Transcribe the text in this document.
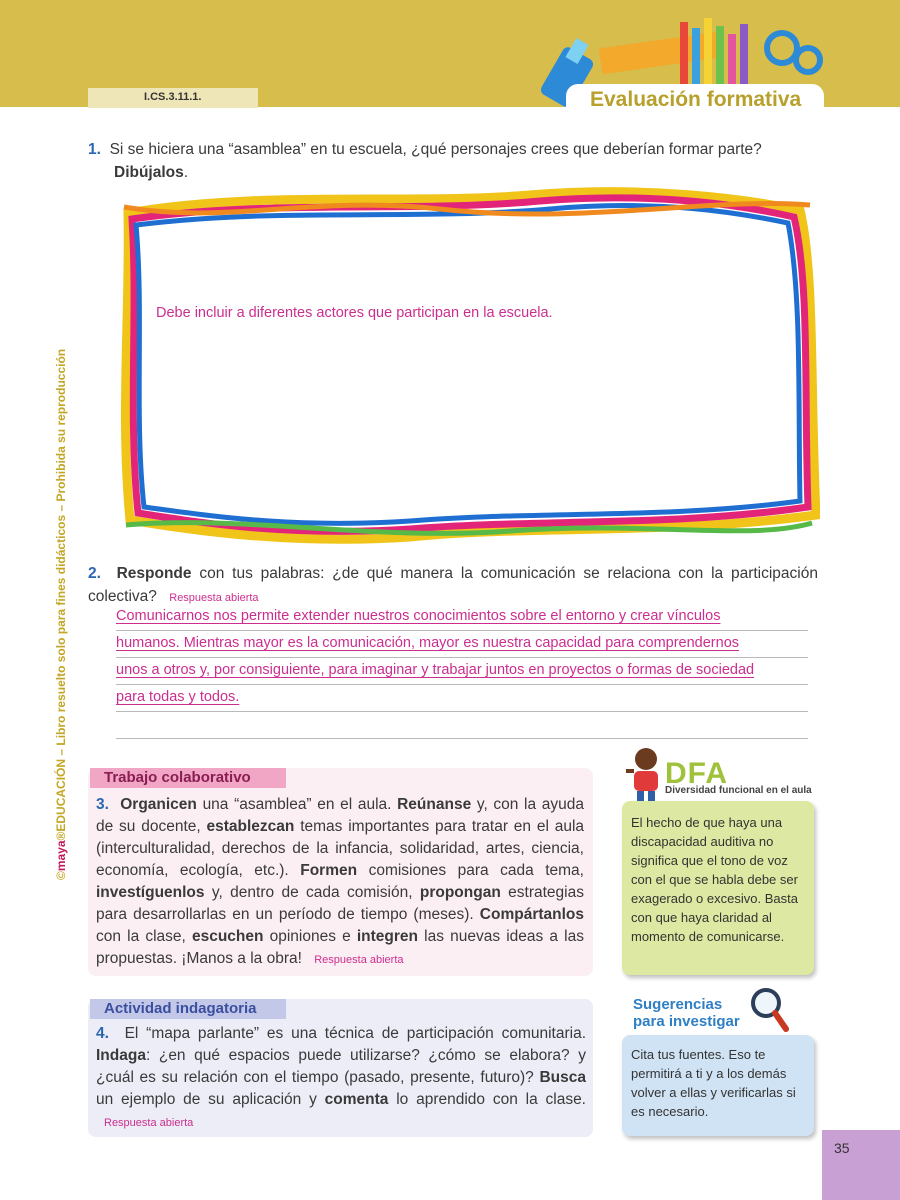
I.CS.3.11.1.	Evaluación formativa
©maya®EDUCACIÓN – Libro resuelto solo para fines didácticos – Prohibida su reproducción
1. Si se hiciera una “asamblea” en tu escuela, ¿qué personajes crees que deberían formar parte?
Dibújalos.
Debe incluir a diferentes actores que participan en la escuela.
2. Responde con tus palabras: ¿de qué manera la comunicación se relaciona con la participación colectiva? Respuesta abierta
Comunicarnos nos permite extender nuestros conocimientos sobre el entorno y crear vínculos
humanos. Mientras mayor es la comunicación, mayor es nuestra capacidad para comprendernos
unos a otros y, por consiguiente, para imaginar y trabajar juntos en proyectos o formas de sociedad
para todas y todos.
Trabajo colaborativo
3. Organicen una “asamblea” en el aula. Reúnanse y, con la ayuda de su docente, establezcan temas importantes para tratar en el aula (interculturalidad, derechos de la infancia, solidaridad, artes, ciencia, economía, ecología, etc.). Formen comisiones para cada tema, investíguenlos y, dentro de cada comisión, propongan estrategias para desarrollarlas en un período de tiempo (meses). Compártanlos con la clase, escuchen opiniones e integren las nuevas ideas a las propuestas. ¡Manos a la obra! Respuesta abierta
Actividad indagatoria
4. El “mapa parlante” es una técnica de participación comunitaria. Indaga: ¿en qué espacios puede utilizarse? ¿cómo se elabora? y ¿cuál es su relación con el tiempo (pasado, presente, futuro)? Busca un ejemplo de su aplicación y comenta lo aprendido con la clase. Respuesta abierta
DFA
Diversidad funcional en el aula
El hecho de que haya una discapacidad auditiva no significa que el tono de voz con el que se habla debe ser exagerado o excesivo. Basta con que haya claridad al momento de comunicarse.
Sugerencias
para investigar
Cita tus fuentes. Eso te permitirá a ti y a los demás volver a ellas y verificarlas si es necesario.
35
